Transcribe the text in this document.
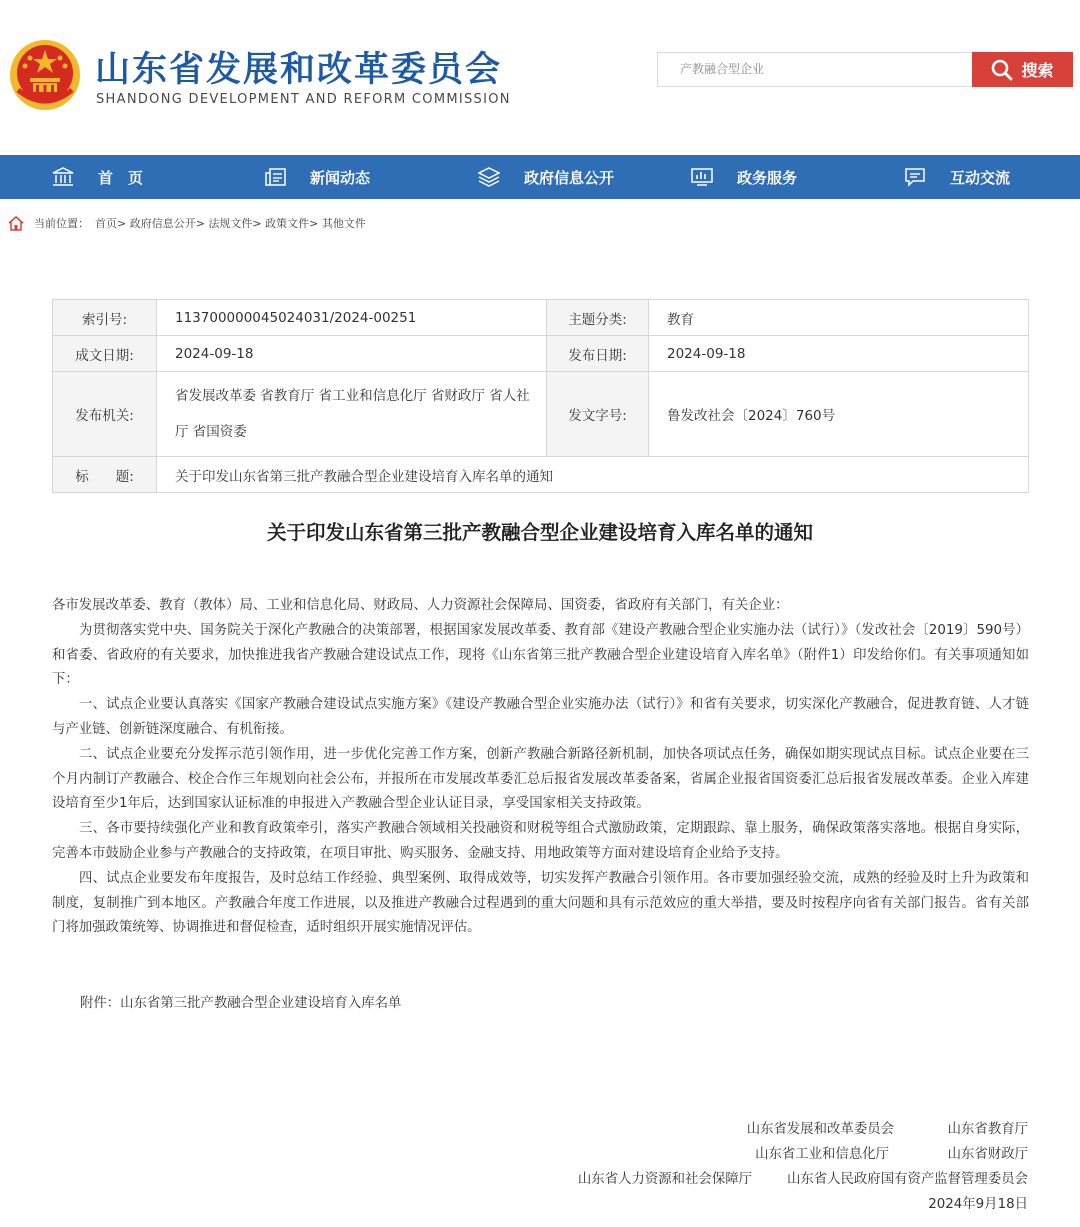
山东省发展和改革委员会
SHANDONG DEVELOPMENT AND REFORM COMMISSION
产教融合型企业	搜索
首　页	新闻动态	政府信息公开	政务服务	互动交流
当前位置： 首页> 政府信息公开> 法规文件> 政策文件> 其他文件
索引号:	113700000045024031/2024-00251	主题分类:	教育
成文日期:	2024-09-18	发布日期:	2024-09-18
发布机关:	省发展改革委 省教育厅 省工业和信息化厅 省财政厅 省人社厅 省国资委	发文字号:	鲁发改社会〔2024〕760号
标　　题:	关于印发山东省第三批产教融合型企业建设培育入库名单的通知		
关于印发山东省第三批产教融合型企业建设培育入库名单的通知

各市发展改革委、教育（教体）局、工业和信息化局、财政局、人力资源社会保障局、国资委，省政府有关部门，有关企业：

为贯彻落实党中央、国务院关于深化产教融合的决策部署，根据国家发展改革委、教育部《建设产教融合型企业实施办法（试行）》（发改社会〔2019〕590号）和省委、省政府的有关要求，加快推进我省产教融合建设试点工作，现将《山东省第三批产教融合型企业建设培育入库名单》（附件1）印发给你们。有关事项通知如下：

一、试点企业要认真落实《国家产教融合建设试点实施方案》《建设产教融合型企业实施办法（试行）》和省有关要求，切实深化产教融合，促进教育链、人才链与产业链、创新链深度融合、有机衔接。

二、试点企业要充分发挥示范引领作用，进一步优化完善工作方案，创新产教融合新路径新机制，加快各项试点任务，确保如期实现试点目标。试点企业要在三个月内制订产教融合、校企合作三年规划向社会公布，并报所在市发展改革委汇总后报省发展改革委备案，省属企业报省国资委汇总后报省发展改革委。企业入库建设培育至少1年后，达到国家认证标准的申报进入产教融合型企业认证目录，享受国家相关支持政策。

三、各市要持续强化产业和教育政策牵引，落实产教融合领域相关投融资和财税等组合式激励政策，定期跟踪、靠上服务，确保政策落实落地。根据自身实际，完善本市鼓励企业参与产教融合的支持政策，在项目审批、购买服务、金融支持、用地政策等方面对建设培育企业给予支持。

四、试点企业要发布年度报告，及时总结工作经验、典型案例、取得成效等，切实发挥产教融合引领作用。各市要加强经验交流，成熟的经验及时上升为政策和制度，复制推广到本地区。产教融合年度工作进展，以及推进产教融合过程遇到的重大问题和具有示范效应的重大举措，要及时按程序向省有关部门报告。省有关部门将加强政策统筹、协调推进和督促检查，适时组织开展实施情况评估。

附件：山东省第三批产教融合型企业建设培育入库名单
山东省发展和改革委员会	山东省教育厅
山东省工业和信息化厅	山东省财政厅
山东省人力资源和社会保障厅	山东省人民政府国有资产监督管理委员会
2024年9月18日
